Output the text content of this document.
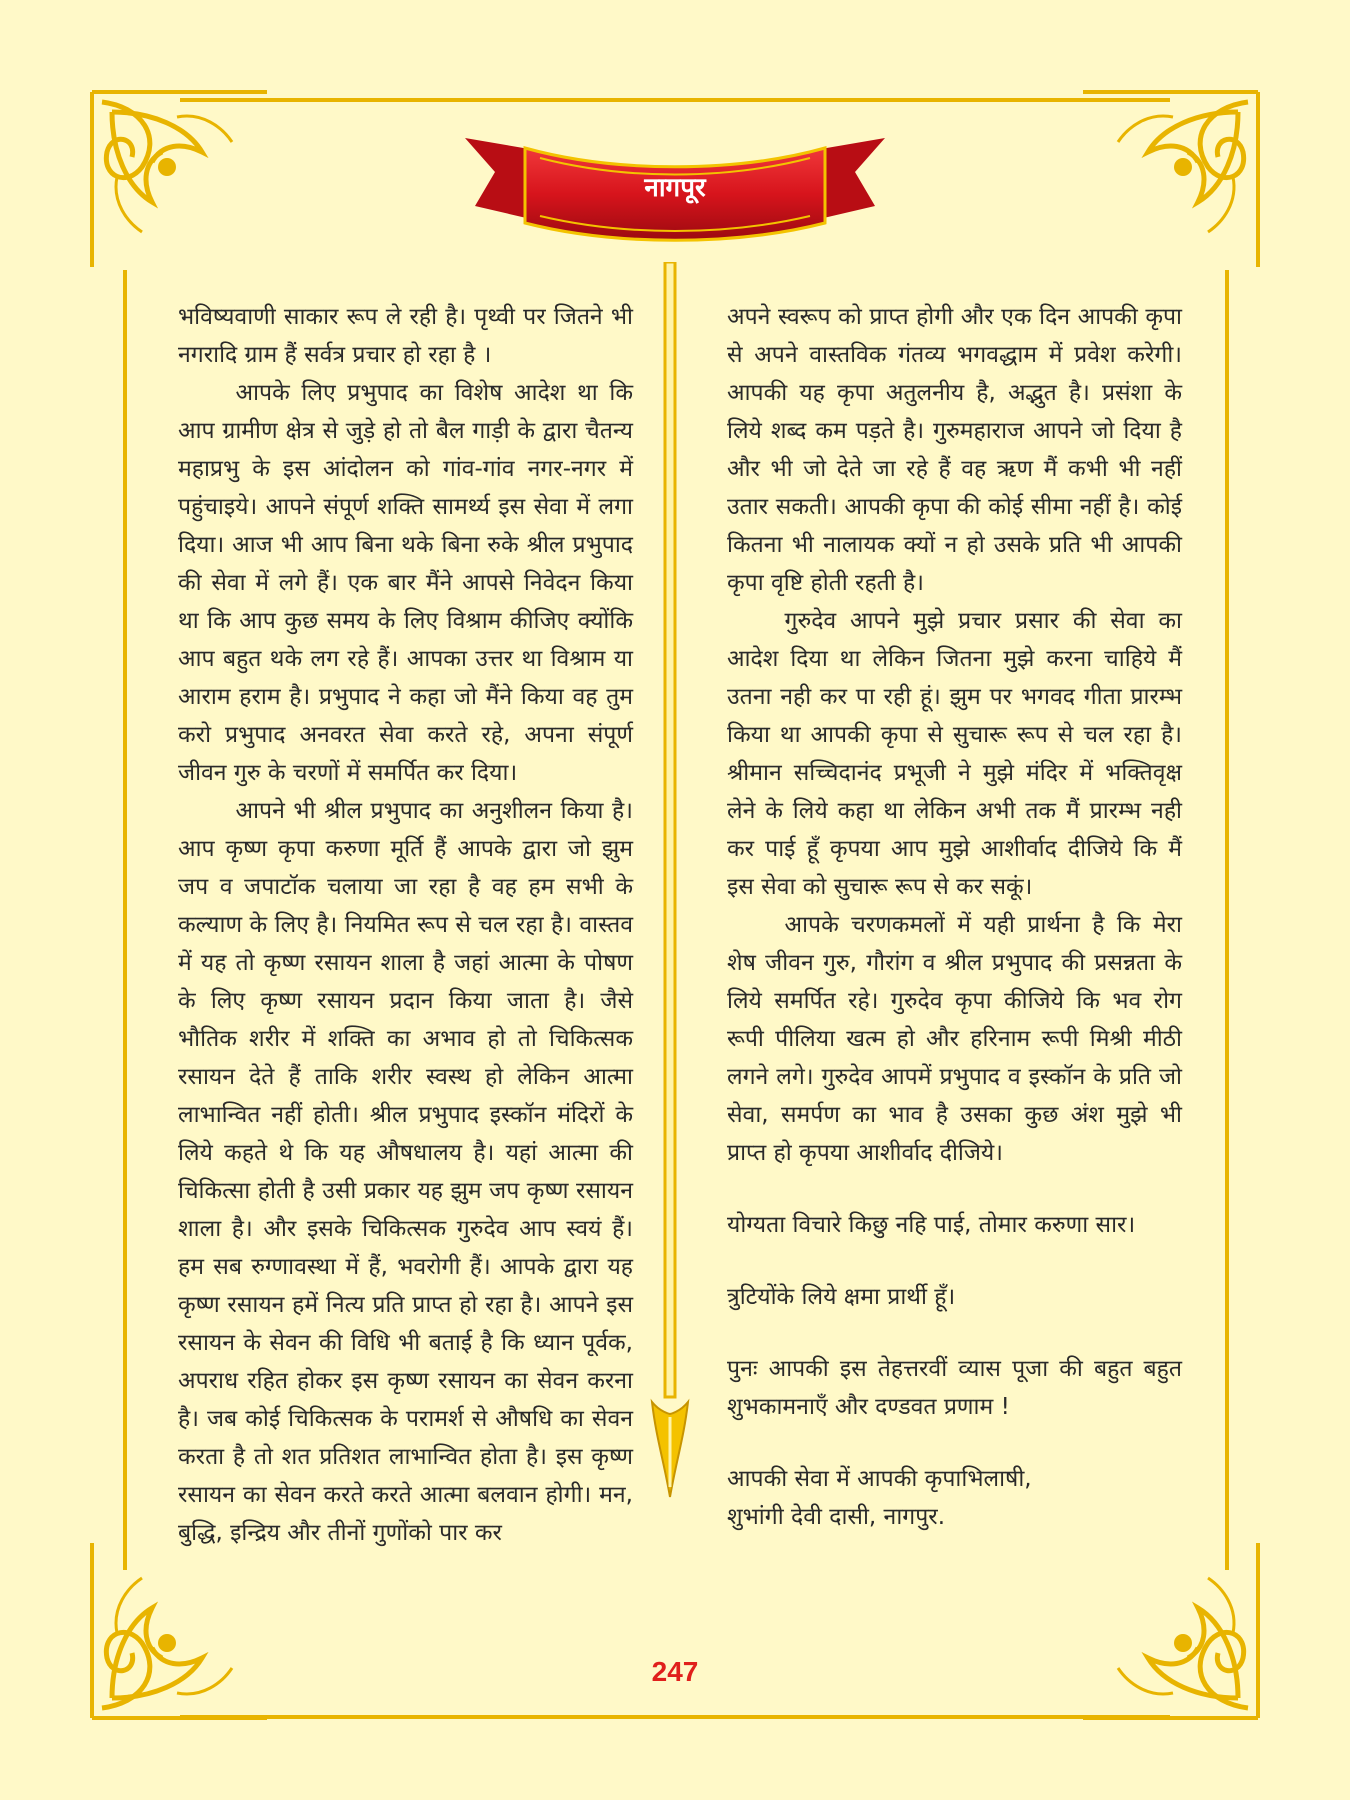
नागपूर

भविष्यवाणी साकार रूप ले रही है। पृथ्वी पर जितने भी नगरादि ग्राम हैं सर्वत्र प्रचार हो रहा है ।

आपके लिए प्रभुपाद का विशेष आदेश था कि आप ग्रामीण क्षेत्र से जुड़े हो तो बैल गाड़ी के द्वारा चैतन्य महाप्रभु के इस आंदोलन को गांव-गांव नगर-नगर में पहुंचाइये। आपने संपूर्ण शक्ति सामर्थ्य इस सेवा में लगा दिया। आज भी आप बिना थके बिना रुके श्रील प्रभुपाद की सेवा में लगे हैं। एक बार मैंने आपसे निवेदन किया था कि आप कुछ समय के लिए विश्राम कीजिए क्योंकि आप बहुत थके लग रहे हैं। आपका उत्तर था विश्राम या आराम हराम है। प्रभुपाद ने कहा जो मैंने किया वह तुम करो प्रभुपाद अनवरत सेवा करते रहे, अपना संपूर्ण जीवन गुरु के चरणों में समर्पित कर दिया।

आपने भी श्रील प्रभुपाद का अनुशीलन किया है। आप कृष्ण कृपा करुणा मूर्ति हैं आपके द्वारा जो झुम जप व जपाटॉक चलाया जा रहा है वह हम सभी के कल्याण के लिए है। नियमित रूप से चल रहा है। वास्तव में यह तो कृष्ण रसायन शाला है जहां आत्मा के पोषण के लिए कृष्ण रसायन प्रदान किया जाता है। जैसे भौतिक शरीर में शक्ति का अभाव हो तो चिकित्सक रसायन देते हैं ताकि शरीर स्वस्थ हो लेकिन आत्मा लाभान्वित नहीं होती। श्रील प्रभुपाद इस्कॉन मंदिरों के लिये कहते थे कि यह औषधालय है। यहां आत्मा की चिकित्सा होती है उसी प्रकार यह झुम जप कृष्ण रसायन शाला है। और इसके चिकित्सक गुरुदेव आप स्वयं हैं। हम सब रुग्णावस्था में हैं, भवरोगी हैं। आपके द्वारा यह कृष्ण रसायन हमें नित्य प्रति प्राप्त हो रहा है। आपने इस रसायन के सेवन की विधि भी बताई है कि ध्यान पूर्वक, अपराध रहित होकर इस कृष्ण रसायन का सेवन करना है। जब कोई चिकित्सक के परामर्श से औषधि का सेवन करता है तो शत प्रतिशत लाभान्वित होता है। इस कृष्ण रसायन का सेवन करते करते आत्मा बलवान होगी। मन, बुद्धि, इन्द्रिय और तीनों गुणोंको पार कर

अपने स्वरूप को प्राप्त होगी और एक दिन आपकी कृपा से अपने वास्तविक गंतव्य भगवद्धाम में प्रवेश करेगी। आपकी यह कृपा अतुलनीय है, अद्भुत है। प्रसंशा के लिये शब्द कम पड़ते है। गुरुमहाराज आपने जो दिया है और भी जो देते जा रहे हैं वह ऋण मैं कभी भी नहीं उतार सकती। आपकी कृपा की कोई सीमा नहीं है। कोई कितना भी नालायक क्यों न हो उसके प्रति भी आपकी कृपा वृष्टि होती रहती है।

गुरुदेव आपने मुझे प्रचार प्रसार की सेवा का आदेश दिया था लेकिन जितना मुझे करना चाहिये मैं उतना नही कर पा रही हूं। झुम पर भगवद गीता प्रारम्भ किया था आपकी कृपा से सुचारू रूप से चल रहा है। श्रीमान सच्चिदानंद प्रभूजी ने मुझे मंदिर में भक्तिवृक्ष लेने के लिये कहा था लेकिन अभी तक मैं प्रारम्भ नही कर पाई हूँ कृपया आप मुझे आशीर्वाद दीजिये कि मैं इस सेवा को सुचारू रूप से कर सकूं।

आपके चरणकमलों में यही प्रार्थना है कि मेरा शेष जीवन गुरु, गौरांग व श्रील प्रभुपाद की प्रसन्नता के लिये समर्पित रहे। गुरुदेव कृपा कीजिये कि भव रोग रूपी पीलिया खत्म हो और हरिनाम रूपी मिश्री मीठी लगने लगे। गुरुदेव आपमें प्रभुपाद व इस्कॉन के प्रति जो सेवा, समर्पण का भाव है उसका कुछ अंश मुझे भी प्राप्त हो कृपया आशीर्वाद दीजिये।

योग्यता विचारे किछु नहि पाई, तोमार करुणा सार।

त्रुटियोंके लिये क्षमा प्रार्थी हूँ।

पुनः आपकी इस तेहत्तरवीं व्यास पूजा की बहुत बहुत शुभकामनाएँ और दण्डवत प्रणाम !

आपकी सेवा में आपकी कृपाभिलाषी,

शुभांगी देवी दासी, नागपुर.

247
